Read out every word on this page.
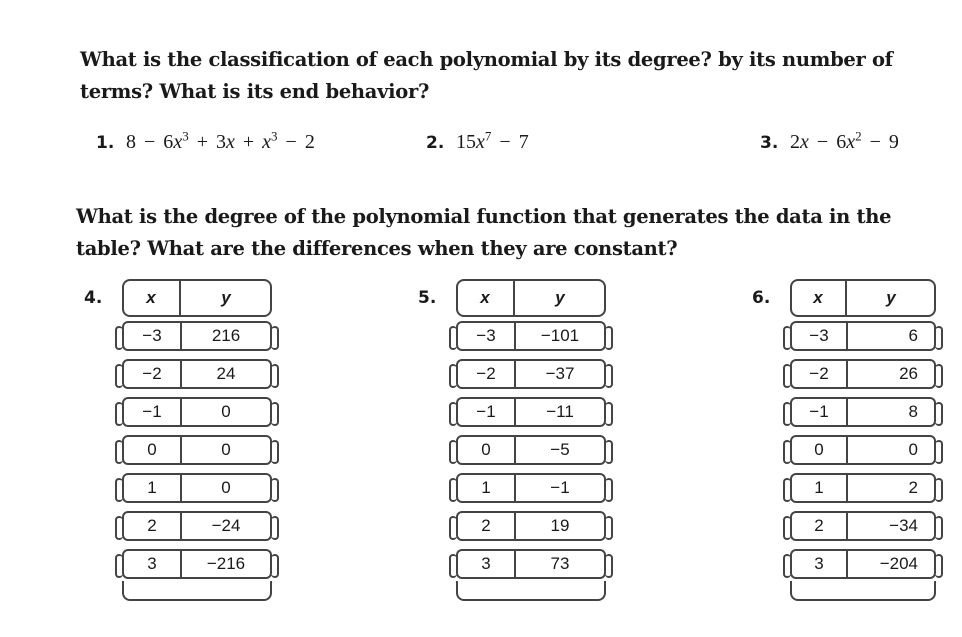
What is the classification of each polynomial by its degree? by its number of terms? What is its end behavior?
1. $8 - 6x^3 + 3x + x^3 - 2$	2. $15x^7 - 7$	3. $2x - 6x^2 - 9$
What is the degree of the polynomial function that generates the data in the table? What are the differences when they are constant?
4.	x	y
−3	216
−2	24
−1	0
0	0
1	0
2	−24
3	−216
5.	x	y
−3	−101
−2	−37
−1	−11
0	−5
1	−1
2	19
3	73
6.	x	y
−3	6
−2	26
−1	8
0	0
1	2
2	−34
3	−204
